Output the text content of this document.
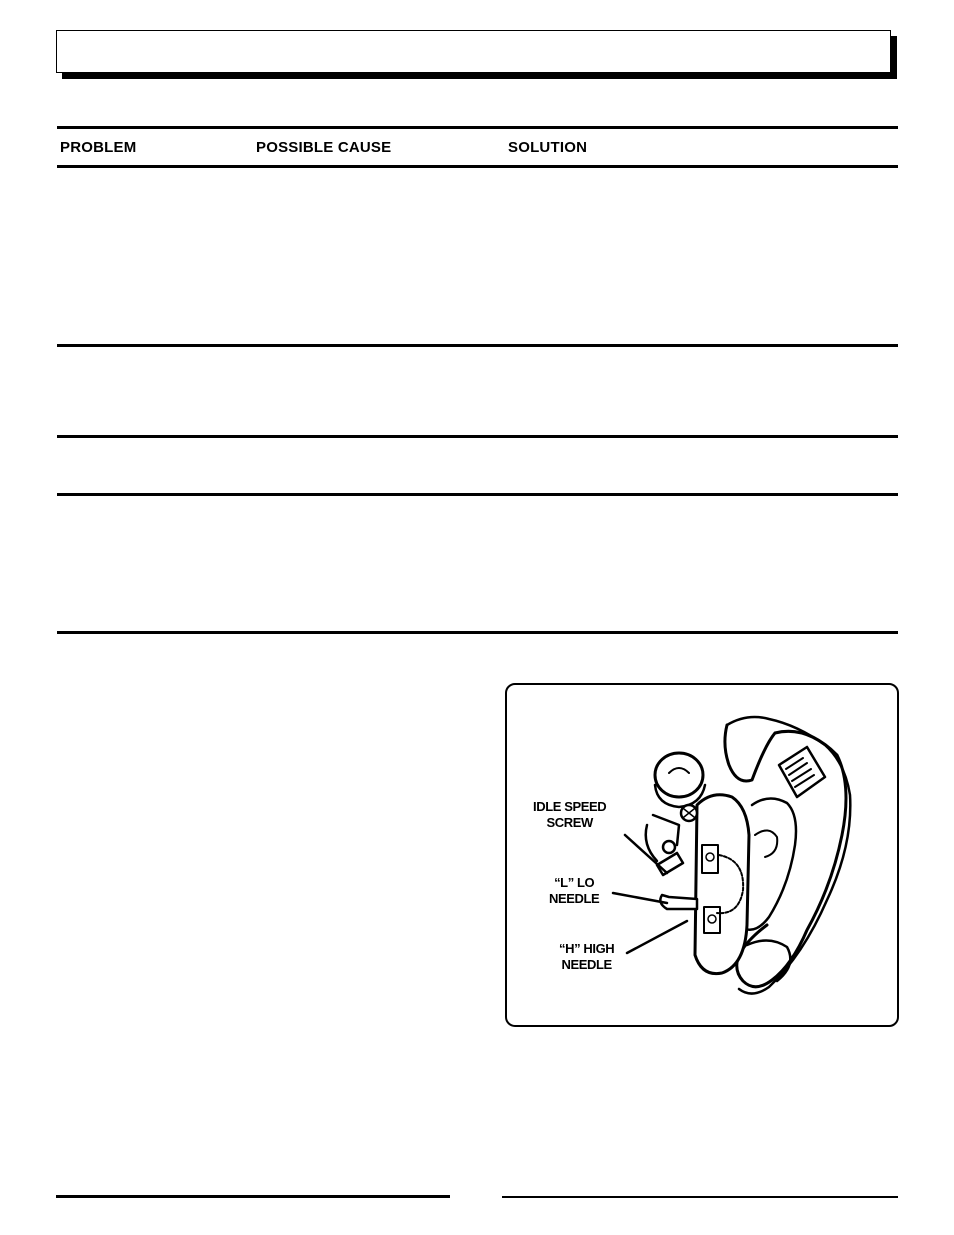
PROBLEM	POSSIBLE CAUSE	SOLUTION
IDLE SPEED
SCREW
“L” LO
NEEDLE
“H” HIGH
NEEDLE
